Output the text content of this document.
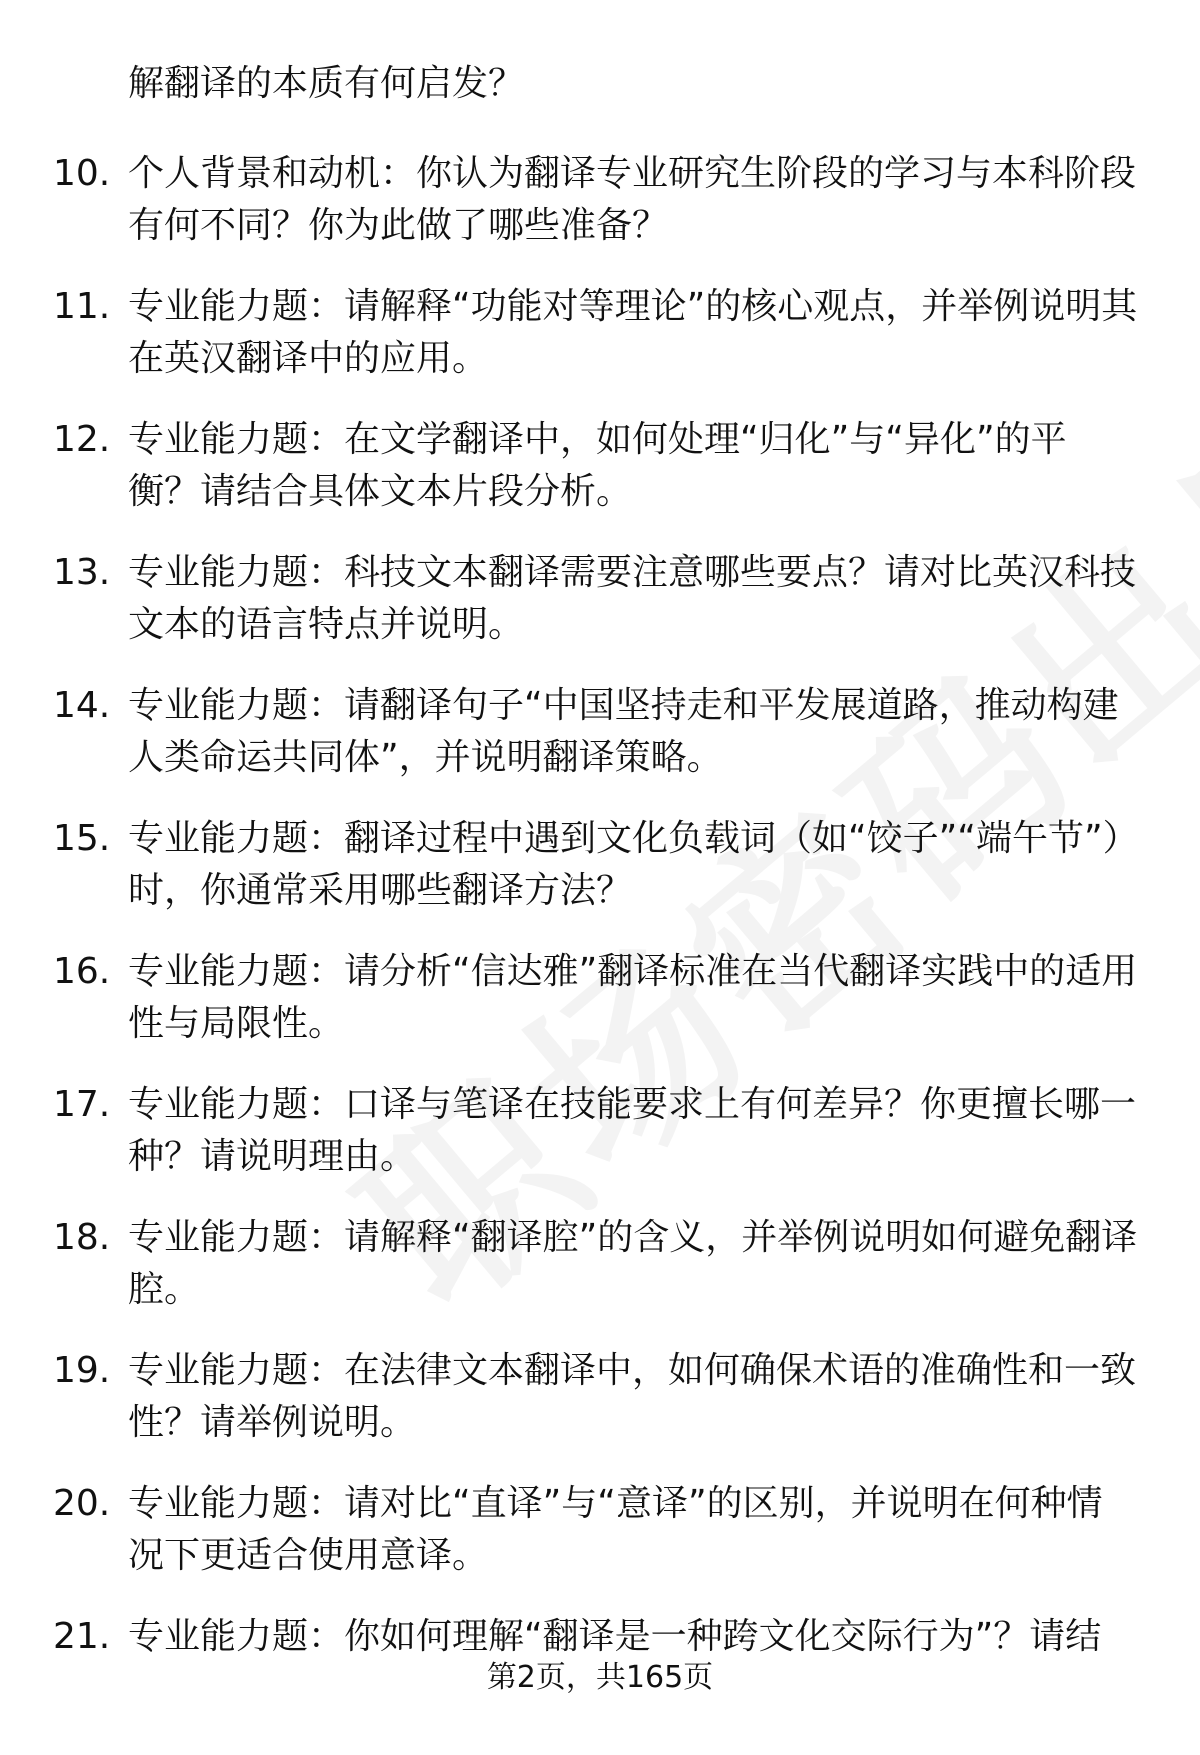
解翻译的本质有何启发？

10. 个人背景和动机：你认为翻译专业研究生阶段的学习与本科阶段有何不同？你为此做了哪些准备？
11. 专业能力题：请解释“功能对等理论”的核心观点，并举例说明其在英汉翻译中的应用。
12. 专业能力题：在文学翻译中，如何处理“归化”与“异化”的平衡？请结合具体文本片段分析。
13. 专业能力题：科技文本翻译需要注意哪些要点？请对比英汉科技文本的语言特点并说明。
14. 专业能力题：请翻译句子“中国坚持走和平发展道路，推动构建人类命运共同体”，并说明翻译策略。
15. 专业能力题：翻译过程中遇到文化负载词（如“饺子”“端午节”）时，你通常采用哪些翻译方法？
16. 专业能力题：请分析“信达雅”翻译标准在当代翻译实践中的适用性与局限性。
17. 专业能力题：口译与笔译在技能要求上有何差异？你更擅长哪一种？请说明理由。
18. 专业能力题：请解释“翻译腔”的含义，并举例说明如何避免翻译腔。
19. 专业能力题：在法律文本翻译中，如何确保术语的准确性和一致性？请举例说明。
20. 专业能力题：请对比“直译”与“意译”的区别，并说明在何种情况下更适合使用意译。
21. 专业能力题：你如何理解“翻译是一种跨文化交际行为”？请结
第2页，共165页
